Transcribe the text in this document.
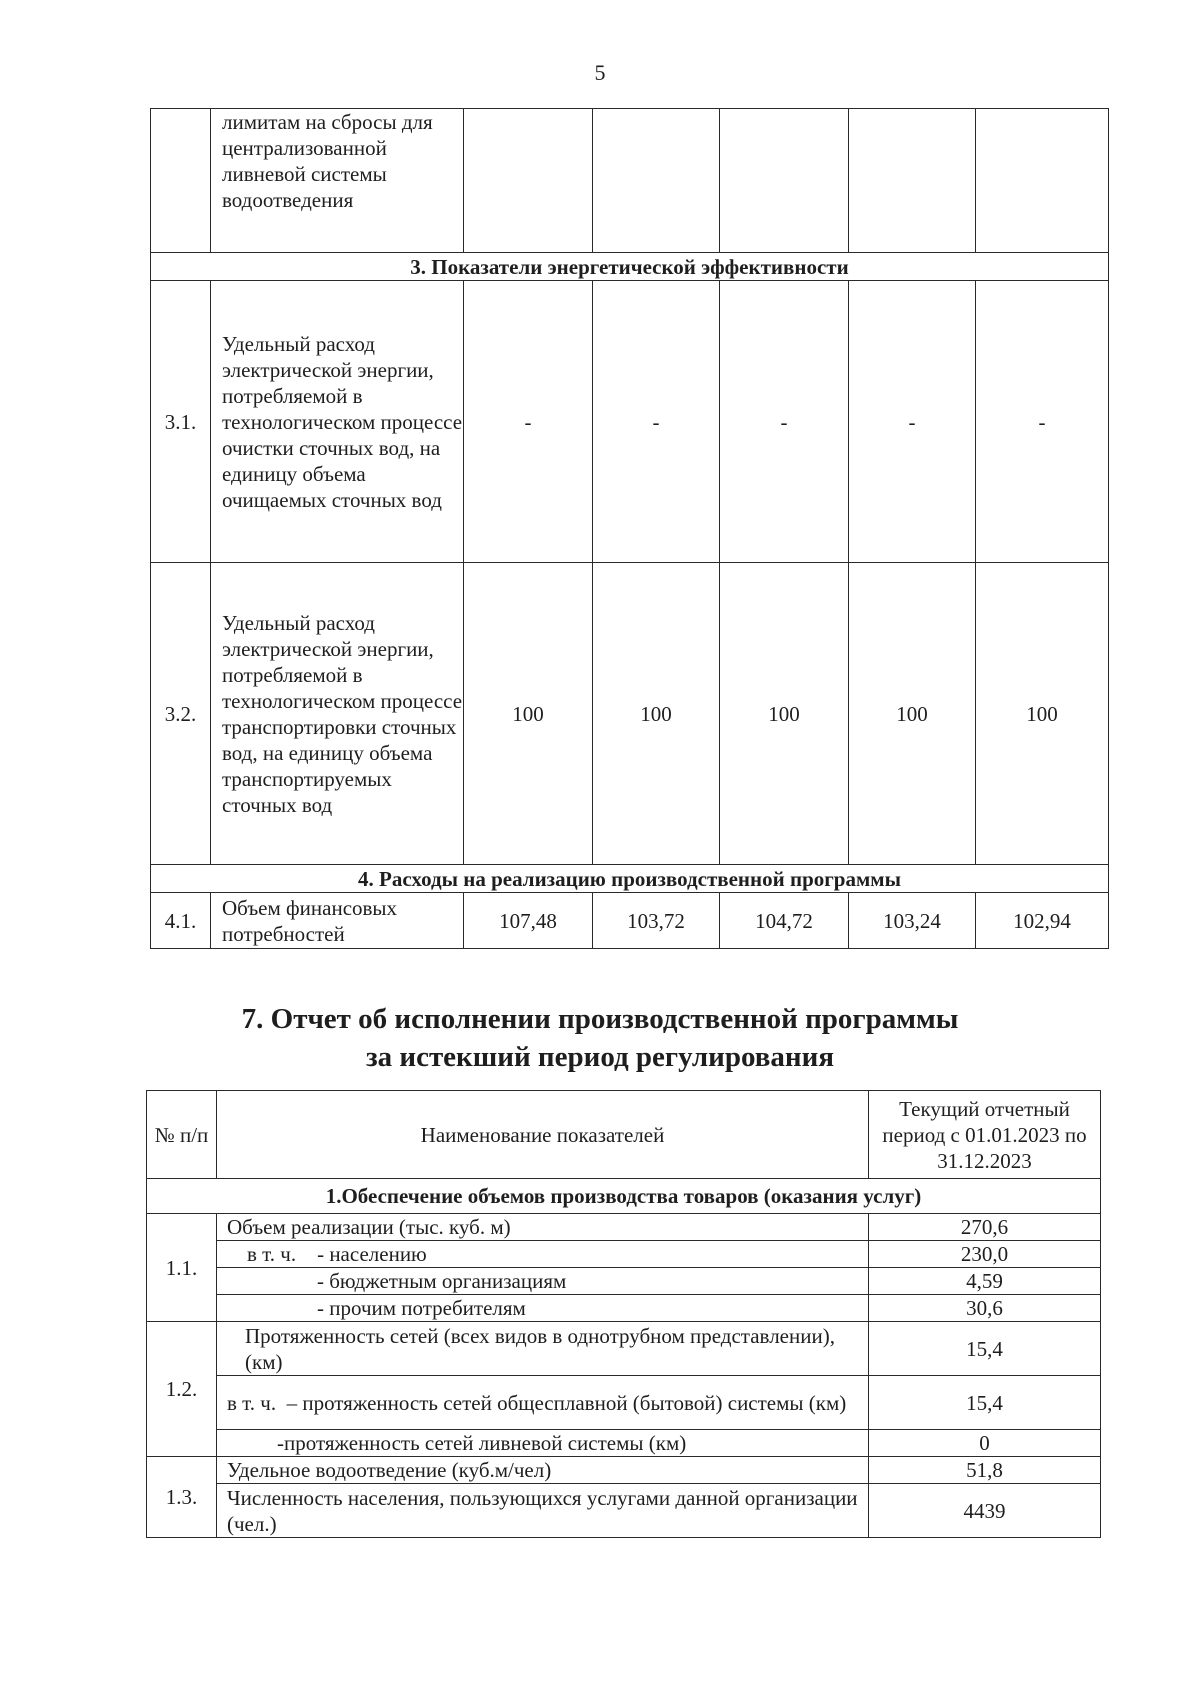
5
	лимитам на сбросы для централизованной ливневой системы водоотведения					
3. Показатели энергетической эффективности						
3.1.	Удельный расход электрической энергии, потребляемой в технологическом процессе очистки сточных вод, на единицу объема очищаемых сточных вод	-	-	-	-	-
3.2.	Удельный расход электрической энергии, потребляемой в технологическом процессе транспортировки сточных вод, на единицу объема транспортируемых сточных вод	100	100	100	100	100
4. Расходы на реализацию производственной программы						
4.1.	Объем финансовых потребностей	107,48	103,72	104,72	103,24	102,94
7. Отчет об исполнении производственной программы
за истекший период регулирования
№ п/п	Наименование показателей	Текущий отчетный период с 01.01.2023 по 31.12.2023
1.Обеспечение объемов производства товаров (оказания услуг)		
1.1.	Объем реализации (тыс. куб. м)	270,6
	в т. ч.    - населению	230,0
	- бюджетным организациям	4,59
	- прочим потребителям	30,6
1.2.	Протяженность сетей (всех видов в однотрубном представлении), (км)	15,4
	в т. ч.  – протяженность сетей общесплавной (бытовой) системы (км)	15,4
	-протяженность сетей ливневой системы (км)	0
1.3.	Удельное водоотведение (куб.м/чел)	51,8
	Численность населения, пользующихся услугами данной организации (чел.)	4439
